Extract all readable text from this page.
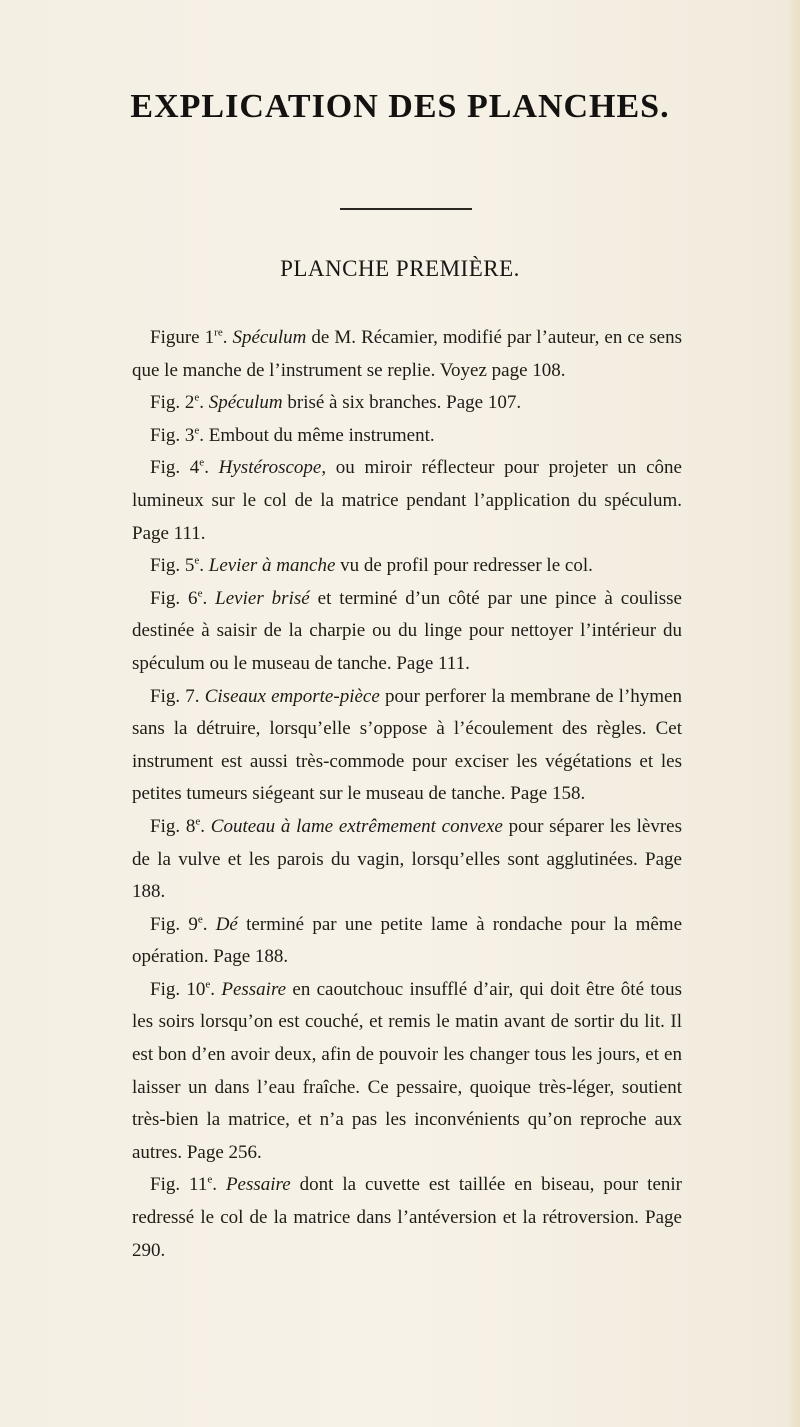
EXPLICATION DES PLANCHES.
PLANCHE PREMIÈRE.

Figure 1re. Spéculum de M. Récamier, modifié par l’auteur, en ce sens que le manche de l’instrument se replie. Voyez page 108.

Fig. 2e. Spéculum brisé à six branches. Page 107.

Fig. 3e. Embout du même instrument.

Fig. 4e. Hystéroscope, ou miroir réflecteur pour projeter un cône lumineux sur le col de la matrice pendant l’application du spéculum. Page 111.

Fig. 5e. Levier à manche vu de profil pour redresser le col.

Fig. 6e. Levier brisé et terminé d’un côté par une pince à coulisse destinée à saisir de la charpie ou du linge pour nettoyer l’intérieur du spéculum ou le museau de tanche. Page 111.

Fig. 7. Ciseaux emporte-pièce pour perforer la membrane de l’hymen sans la détruire, lorsqu’elle s’oppose à l’écoulement des règles. Cet instrument est aussi très-commode pour exciser les végétations et les petites tumeurs siégeant sur le museau de tanche. Page 158.

Fig. 8e. Couteau à lame extrêmement convexe pour séparer les lèvres de la vulve et les parois du vagin, lorsqu’elles sont agglutinées. Page 188.

Fig. 9e. Dé terminé par une petite lame à rondache pour la même opération. Page 188.

Fig. 10e. Pessaire en caoutchouc insufflé d’air, qui doit être ôté tous les soirs lorsqu’on est couché, et remis le matin avant de sortir du lit. Il est bon d’en avoir deux, afin de pouvoir les changer tous les jours, et en laisser un dans l’eau fraîche. Ce pessaire, quoique très-léger, soutient très-bien la matrice, et n’a pas les inconvénients qu’on reproche aux autres. Page 256.

Fig. 11e. Pessaire dont la cuvette est taillée en biseau, pour tenir redressé le col de la matrice dans l’antéversion et la rétroversion. Page 290.
